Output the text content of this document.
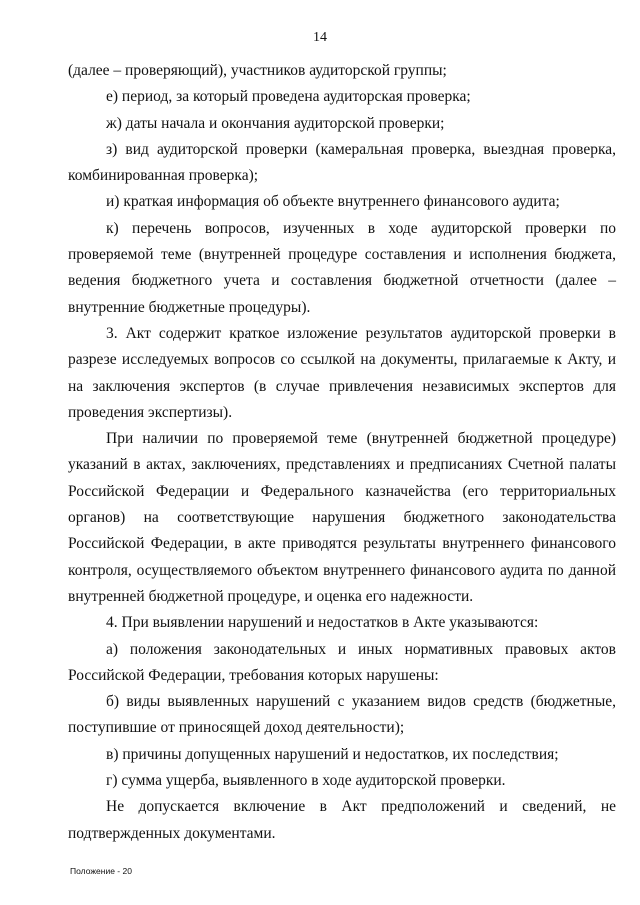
14

(далее – проверяющий), участников аудиторской группы;

е) период, за который проведена аудиторская проверка;

ж) даты начала и окончания аудиторской проверки;

з) вид аудиторской проверки (камеральная проверка, выездная проверка, комбинированная проверка);

и) краткая информация об объекте внутреннего финансового аудита;

к) перечень вопросов, изученных в ходе аудиторской проверки по проверяемой теме (внутренней процедуре составления и исполнения бюджета, ведения бюджетного учета и составления бюджетной отчетности (далее – внутренние бюджетные процедуры).

3. Акт содержит краткое изложение результатов аудиторской проверки в разрезе исследуемых вопросов со ссылкой на документы, прилагаемые к Акту, и на заключения экспертов (в случае привлечения независимых экспертов для проведения экспертизы).

При наличии по проверяемой теме (внутренней бюджетной процедуре) указаний в актах, заключениях, представлениях и предписаниях Счетной палаты Российской Федерации и Федерального казначейства (его территориальных органов) на соответствующие нарушения бюджетного законодательства Российской Федерации, в акте приводятся результаты внутреннего финансового контроля, осуществляемого объектом внутреннего финансового аудита по данной внутренней бюджетной процедуре, и оценка его надежности.

4. При выявлении нарушений и недостатков в Акте указываются:

а) положения законодательных и иных нормативных правовых актов Российской Федерации, требования которых нарушены:

б) виды выявленных нарушений с указанием видов средств (бюджетные, поступившие от приносящей доход деятельности);

в) причины допущенных нарушений и недостатков, их последствия;

г) сумма ущерба, выявленного в ходе аудиторской проверки.

Не допускается включение в Акт предположений и сведений, не подтвержденных документами.

Положение - 20
